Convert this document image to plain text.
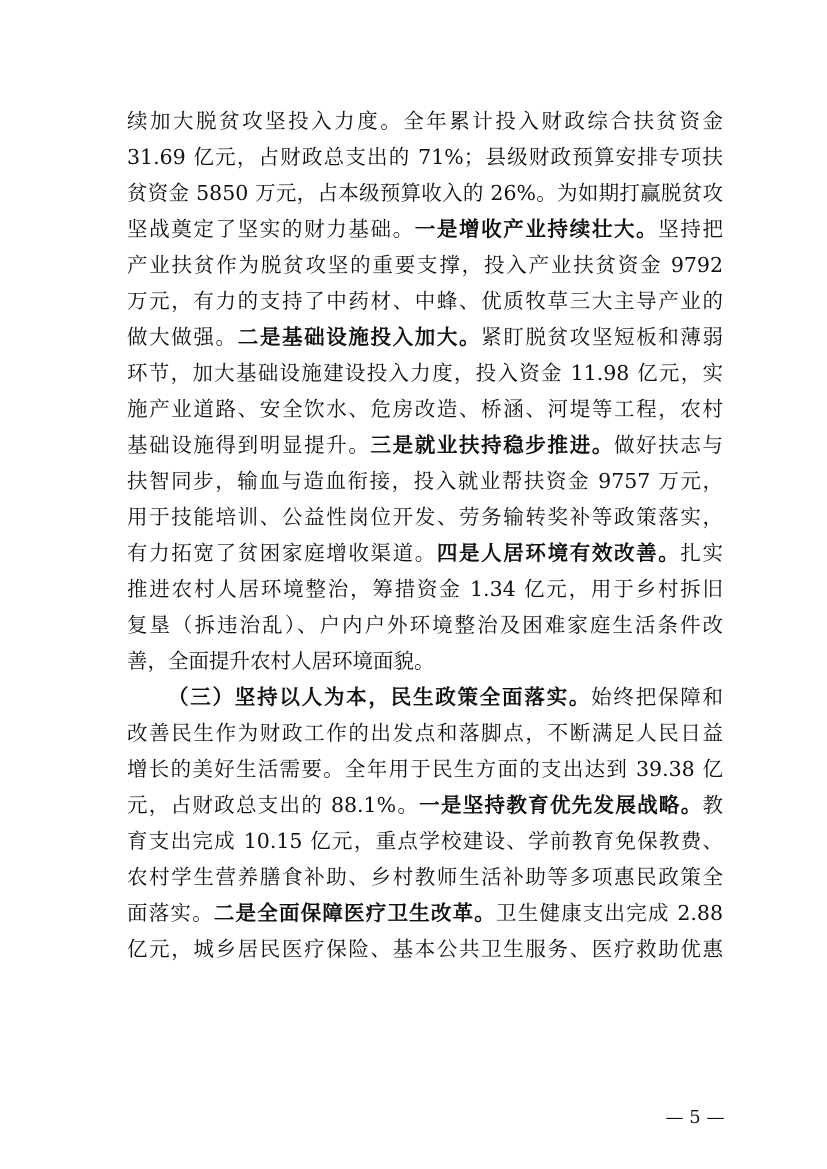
续加大脱贫攻坚投入力度。全年累计投入财政综合扶贫资金
31.69 亿元，占财政总支出的 71%；县级财政预算安排专项扶
贫资金 5850 万元，占本级预算收入的 26%。为如期打赢脱贫攻
坚战奠定了坚实的财力基础。一是增收产业持续壮大。坚持把
产业扶贫作为脱贫攻坚的重要支撑，投入产业扶贫资金 9792
万元，有力的支持了中药材、中蜂、优质牧草三大主导产业的
做大做强。二是基础设施投入加大。紧盯脱贫攻坚短板和薄弱
环节，加大基础设施建设投入力度，投入资金 11.98 亿元，实
施产业道路、安全饮水、危房改造、桥涵、河堤等工程，农村
基础设施得到明显提升。三是就业扶持稳步推进。做好扶志与
扶智同步，输血与造血衔接，投入就业帮扶资金 9757 万元，
用于技能培训、公益性岗位开发、劳务输转奖补等政策落实，
有力拓宽了贫困家庭增收渠道。四是人居环境有效改善。扎实
推进农村人居环境整治，筹措资金 1.34 亿元，用于乡村拆旧
复垦（拆违治乱）、户内户外环境整治及困难家庭生活条件改
善，全面提升农村人居环境面貌。
（三）坚持以人为本，民生政策全面落实。始终把保障和
改善民生作为财政工作的出发点和落脚点，不断满足人民日益
增长的美好生活需要。全年用于民生方面的支出达到 39.38 亿
元，占财政总支出的 88.1%。一是坚持教育优先发展战略。教
育支出完成 10.15 亿元，重点学校建设、学前教育免保教费、
农村学生营养膳食补助、乡村教师生活补助等多项惠民政策全
面落实。二是全面保障医疗卫生改革。卫生健康支出完成 2.88
亿元，城乡居民医疗保险、基本公共卫生服务、医疗救助优惠
— 5 —
